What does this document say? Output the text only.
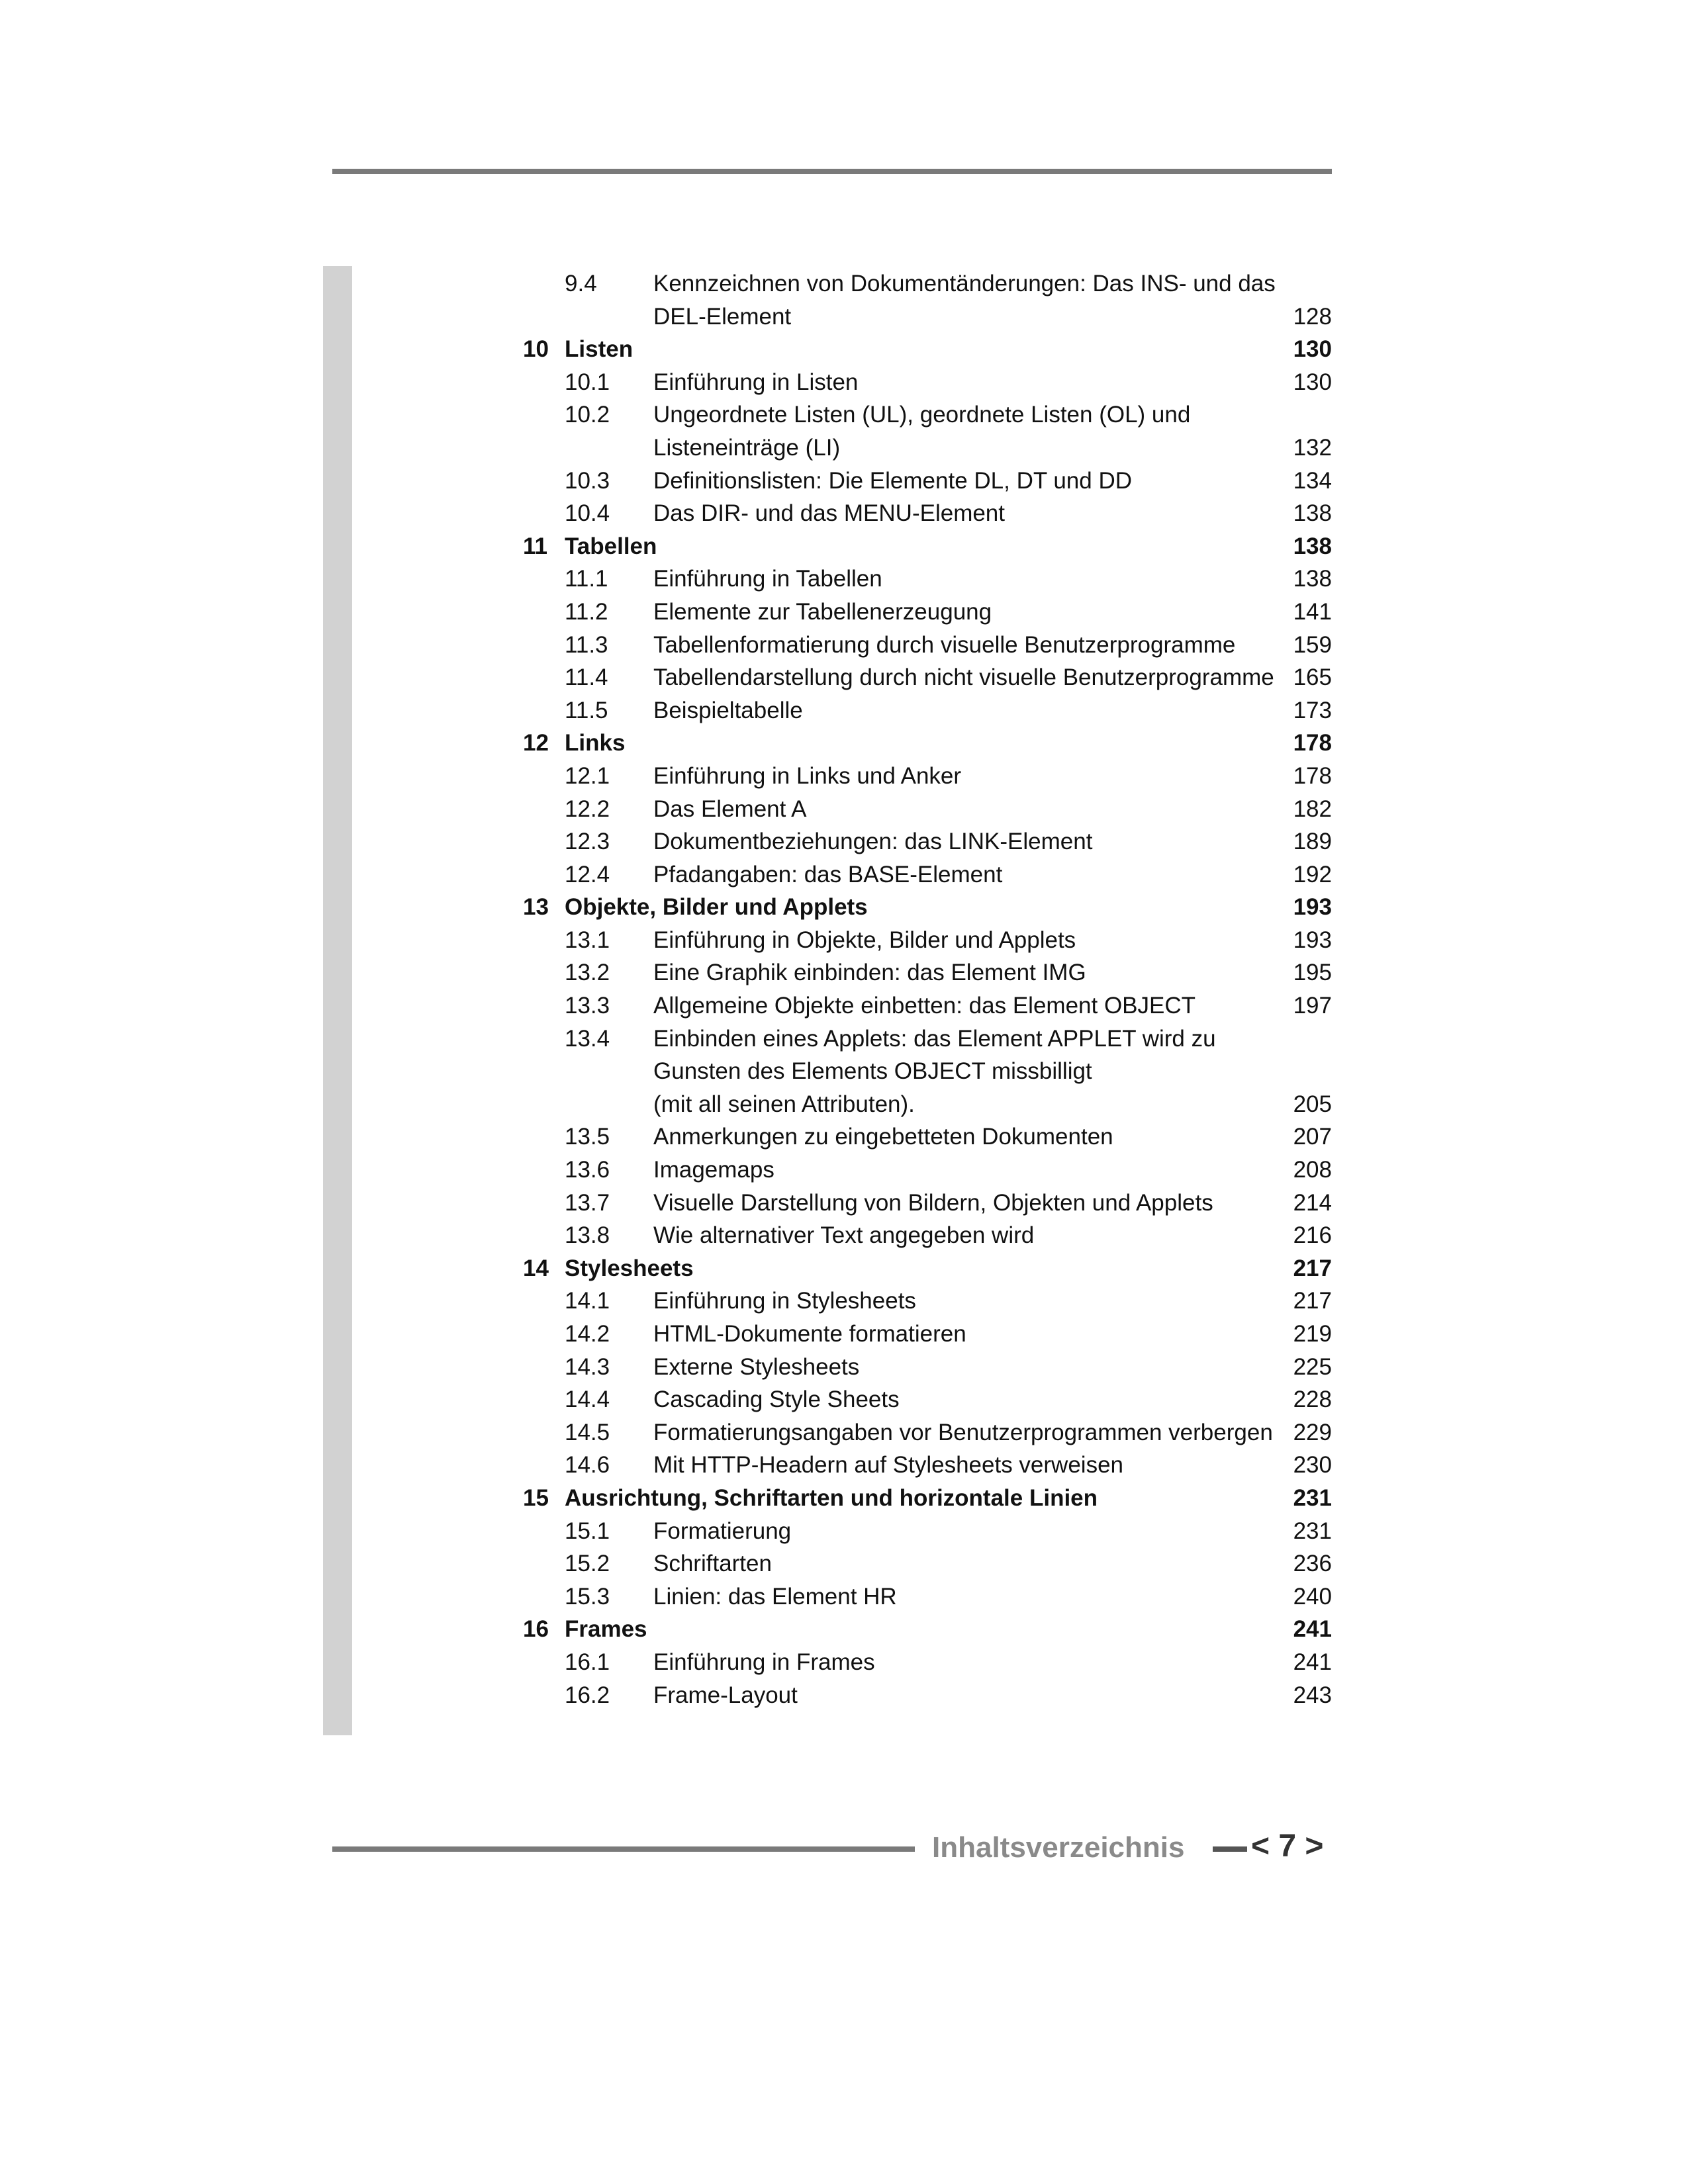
9.4 Kennzeichnen von Dokumentänderungen: Das INS- und das
DEL-Element	128
10 Listen	130
10.1 Einführung in Listen	130
10.2 Ungeordnete Listen (UL), geordnete Listen (OL) und
Listeneinträge (LI)	132
10.3 Definitionslisten: Die Elemente DL, DT und DD	134
10.4 Das DIR- und das MENU-Element	138
11 Tabellen	138
11.1 Einführung in Tabellen	138
11.2 Elemente zur Tabellenerzeugung	141
11.3 Tabellenformatierung durch visuelle Benutzerprogramme 159
11.4 Tabellendarstellung durch nicht visuelle Benutzerprogramme 165
11.5 Beispieltabelle	173
12 Links	178
12.1 Einführung in Links und Anker	178
12.2 Das Element A	182
12.3 Dokumentbeziehungen: das LINK-Element	189
12.4 Pfadangaben: das BASE-Element	192
13 Objekte, Bilder und Applets	193
13.1 Einführung in Objekte, Bilder und Applets	193
13.2 Eine Graphik einbinden: das Element IMG	195
13.3 Allgemeine Objekte einbetten: das Element OBJECT	197
13.4 Einbinden eines Applets: das Element APPLET wird zu
Gunsten des Elements OBJECT missbilligt
(mit all seinen Attributen).	205
13.5 Anmerkungen zu eingebetteten Dokumenten	207
13.6 Imagemaps	208
13.7 Visuelle Darstellung von Bildern, Objekten und Applets	214
13.8 Wie alternativer Text angegeben wird	216
14 Stylesheets	217
14.1 Einführung in Stylesheets	217
14.2 HTML-Dokumente formatieren	219
14.3 Externe Stylesheets	225
14.4 Cascading Style Sheets	228
14.5 Formatierungsangaben vor Benutzerprogrammen verbergen 229
14.6 Mit HTTP-Headern auf Stylesheets verweisen	230
15 Ausrichtung, Schriftarten und horizontale Linien	231
15.1 Formatierung	231
15.2 Schriftarten	236
15.3 Linien: das Element HR	240
16 Frames	241
16.1 Einführung in Frames	241
16.2 Frame-Layout	243
Inhaltsverzeichnis < 7 >
